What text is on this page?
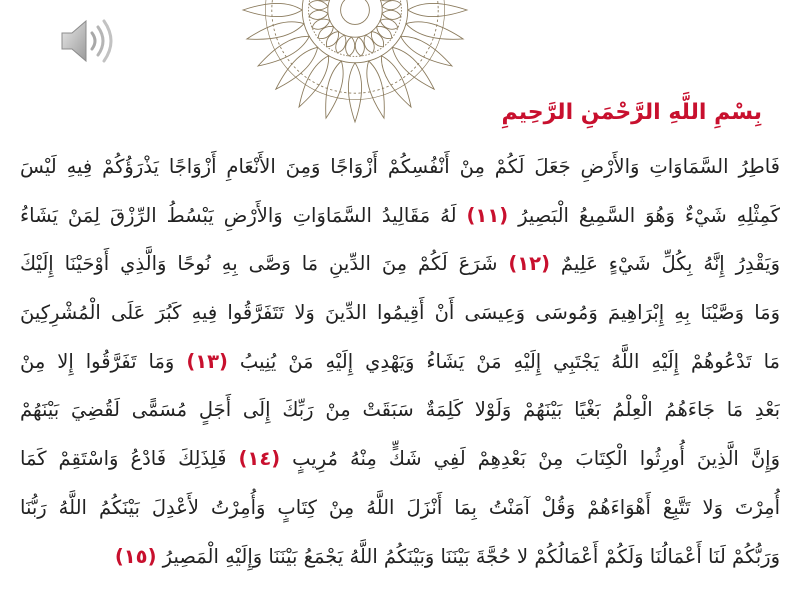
بِسْمِ اللَّهِ الرَّحْمَنِ الرَّحِيمِ
فَاطِرُ السَّمَاوَاتِ وَالأَرْضِ جَعَلَ لَكُمْ مِنْ أَنْفُسِكُمْ أَزْوَاجًا وَمِنَ الأَنْعَامِ أَزْوَاجًا يَذْرَؤُكُمْ فِيهِ لَيْسَ
كَمِثْلِهِ شَيْءٌ وَهُوَ السَّمِيعُ الْبَصِيرُ (١١) لَهُ مَقَالِيدُ السَّمَاوَاتِ وَالأَرْضِ يَبْسُطُ الرِّزْقَ لِمَنْ يَشَاءُ
وَيَقْدِرُ إِنَّهُ بِكُلِّ شَيْءٍ عَلِيمٌ (١٢) شَرَعَ لَكُمْ مِنَ الدِّينِ مَا وَصَّى بِهِ نُوحًا وَالَّذِي أَوْحَيْنَا إِلَيْكَ
وَمَا وَصَّيْنَا بِهِ إِبْرَاهِيمَ وَمُوسَى وَعِيسَى أَنْ أَقِيمُوا الدِّينَ وَلا تَتَفَرَّقُوا فِيهِ كَبُرَ عَلَى الْمُشْرِكِينَ
مَا تَدْعُوهُمْ إِلَيْهِ اللَّهُ يَجْتَبِي إِلَيْهِ مَنْ يَشَاءُ وَيَهْدِي إِلَيْهِ مَنْ يُنِيبُ (١٣) وَمَا تَفَرَّقُوا إِلا مِنْ
بَعْدِ مَا جَاءَهُمُ الْعِلْمُ بَغْيًا بَيْنَهُمْ وَلَوْلا كَلِمَةٌ سَبَقَتْ مِنْ رَبِّكَ إِلَى أَجَلٍ مُسَمًّى لَقُضِيَ بَيْنَهُمْ
وَإِنَّ الَّذِينَ أُورِثُوا الْكِتَابَ مِنْ بَعْدِهِمْ لَفِي شَكٍّ مِنْهُ مُرِيبٍ (١٤) فَلِذَلِكَ فَادْعُ وَاسْتَقِمْ كَمَا
أُمِرْتَ وَلا تَتَّبِعْ أَهْوَاءَهُمْ وَقُلْ آمَنْتُ بِمَا أَنْزَلَ اللَّهُ مِنْ كِتَابٍ وَأُمِرْتُ لأَعْدِلَ بَيْنَكُمُ اللَّهُ رَبُّنَا
وَرَبُّكُمْ لَنَا أَعْمَالُنَا وَلَكُمْ أَعْمَالُكُمْ لا حُجَّةَ بَيْنَنَا وَبَيْنَكُمُ اللَّهُ يَجْمَعُ بَيْنَنَا وَإِلَيْهِ الْمَصِيرُ (١٥)
